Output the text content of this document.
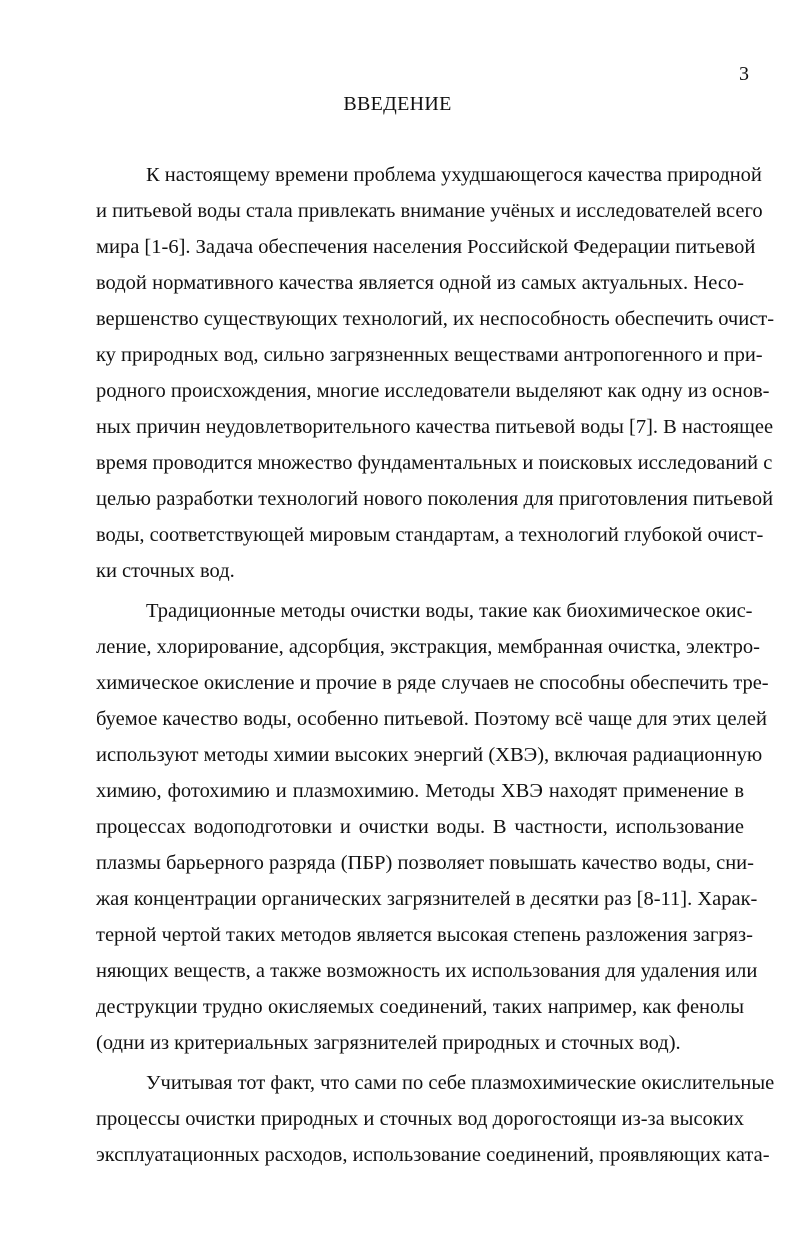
3
ВВЕДЕНИЕ
К настоящему времени проблема ухудшающегося качества природной
и питьевой воды стала привлекать внимание учёных и исследователей всего
мира [1-6]. Задача обеспечения населения Российской Федерации питьевой
водой нормативного качества является одной из самых актуальных. Несо-
вершенство существующих технологий, их неспособность обеспечить очист-
ку природных вод, сильно загрязненных веществами антропогенного и при-
родного происхождения, многие исследователи выделяют как одну из основ-
ных причин неудовлетворительного качества питьевой воды [7]. В настоящее
время проводится множество фундаментальных и поисковых исследований с
целью разработки технологий нового поколения для приготовления питьевой
воды, соответствующей мировым стандартам, а технологий глубокой очист-
ки сточных вод.
Традиционные методы очистки воды, такие как биохимическое окис-
ление, хлорирование, адсорбция, экстракция, мембранная очистка, электро-
химическое окисление и прочие в ряде случаев не способны обеспечить тре-
буемое качество воды, особенно питьевой. Поэтому всё чаще для этих целей
используют методы химии высоких энергий (ХВЭ), включая радиационную
химию, фотохимию и плазмохимию. Методы ХВЭ находят применение в
процессах водоподготовки и очистки воды. В частности, использование
плазмы барьерного разряда (ПБР) позволяет повышать качество воды, сни-
жая концентрации органических загрязнителей в десятки раз [8-11]. Харак-
терной чертой таких методов является высокая степень разложения загряз-
няющих веществ, а также возможность их использования для удаления или
деструкции трудно окисляемых соединений, таких например, как фенолы
(одни из критериальных загрязнителей природных и сточных вод).
Учитывая тот факт, что сами по себе плазмохимические окислительные
процессы очистки природных и сточных вод дорогостоящи из-за высоких
эксплуатационных расходов, использование соединений, проявляющих ката-
